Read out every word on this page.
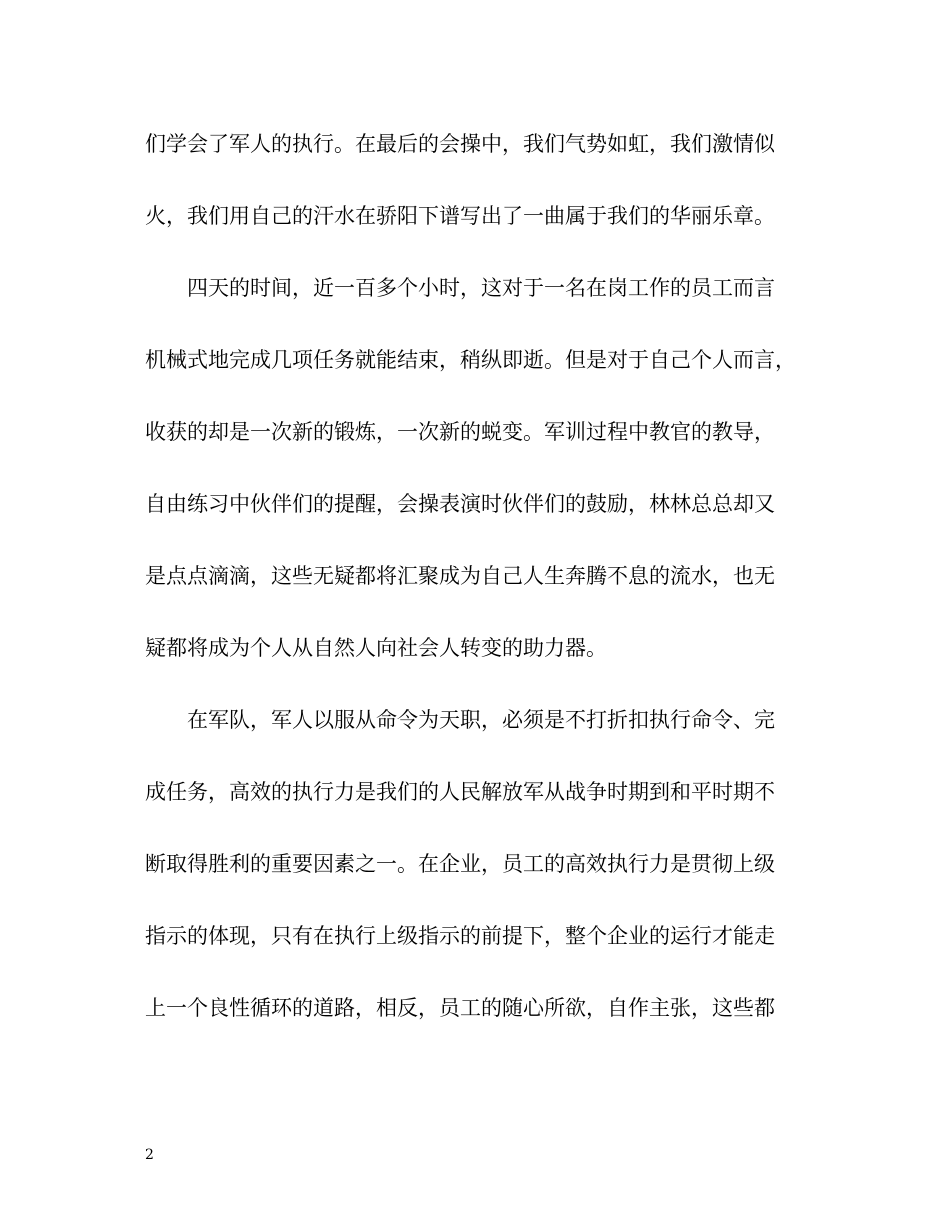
们学会了军人的执行。在最后的会操中，我们气势如虹，我们激情似
火，我们用自己的汗水在骄阳下谱写出了一曲属于我们的华丽乐章。
四天的时间，近一百多个小时，这对于一名在岗工作的员工而言
机械式地完成几项任务就能结束，稍纵即逝。但是对于自己个人而言，
收获的却是一次新的锻炼，一次新的蜕变。军训过程中教官的教导，
自由练习中伙伴们的提醒，会操表演时伙伴们的鼓励，林林总总却又
是点点滴滴，这些无疑都将汇聚成为自己人生奔腾不息的流水，也无
疑都将成为个人从自然人向社会人转变的助力器。
在军队，军人以服从命令为天职，必须是不打折扣执行命令、完
成任务，高效的执行力是我们的人民解放军从战争时期到和平时期不
断取得胜利的重要因素之一。在企业，员工的高效执行力是贯彻上级
指示的体现，只有在执行上级指示的前提下，整个企业的运行才能走
上一个良性循环的道路，相反，员工的随心所欲，自作主张，这些都
2
